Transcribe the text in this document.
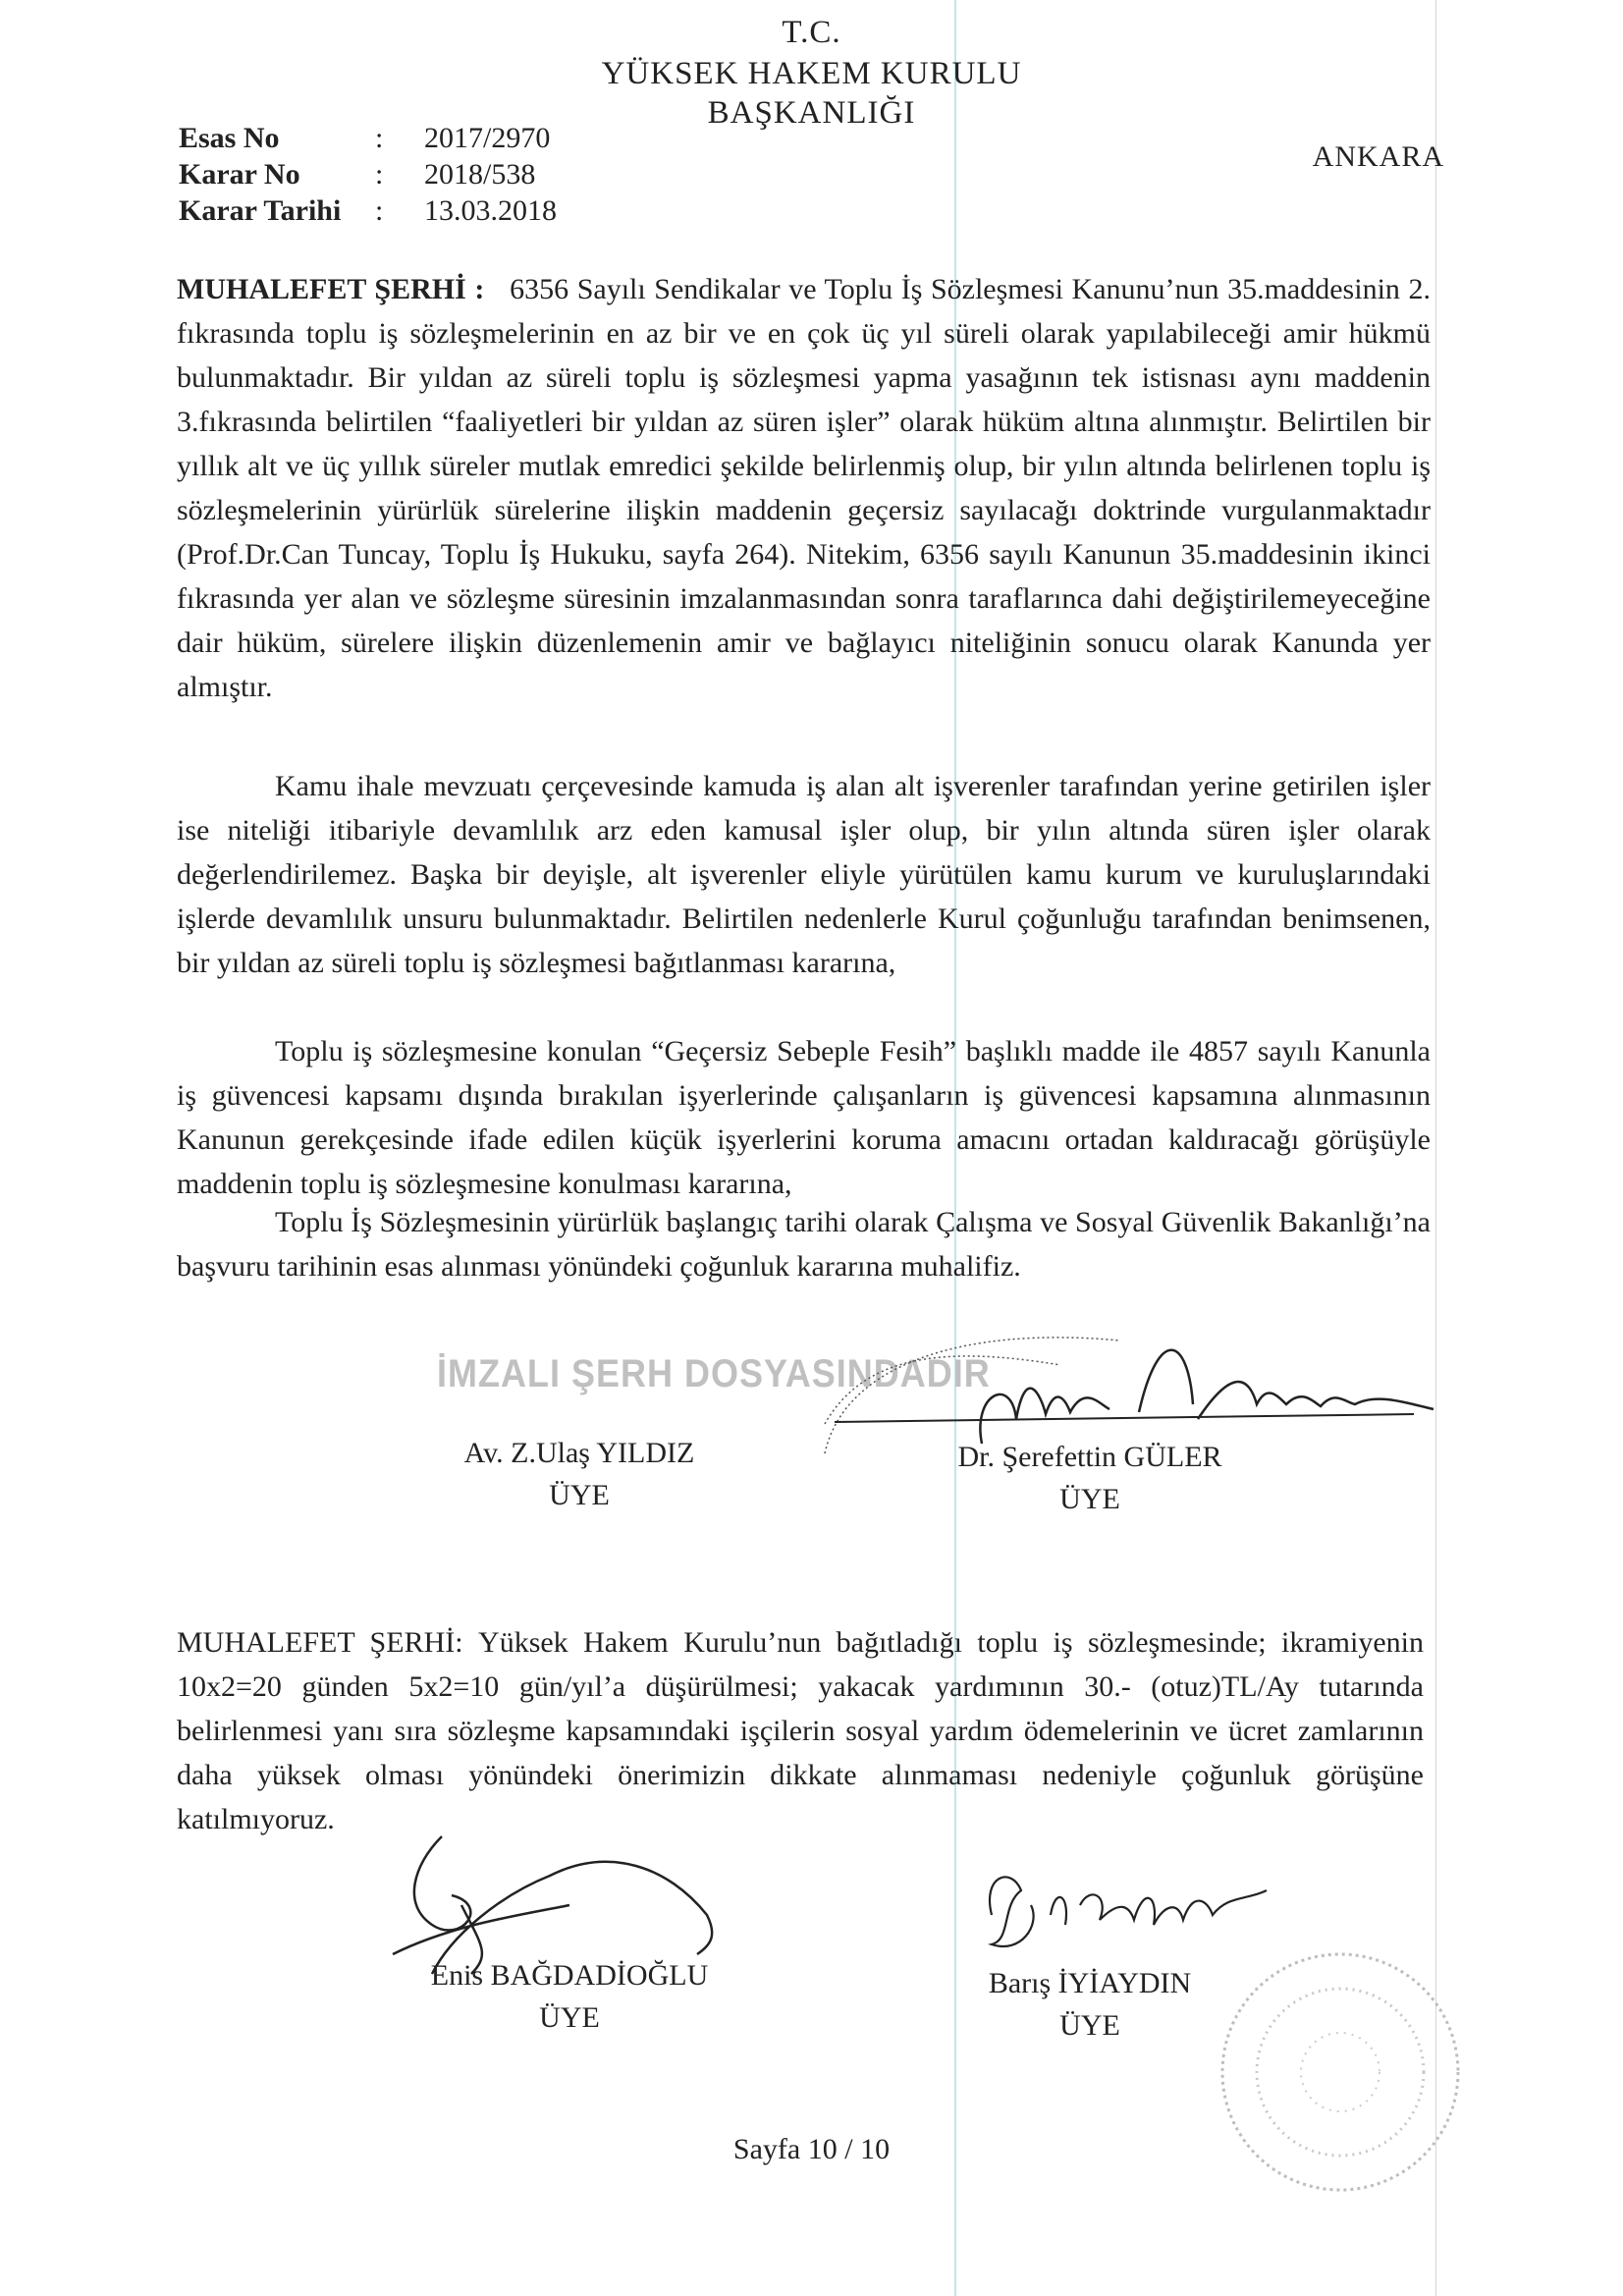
T.C.
YÜKSEK HAKEM KURULU
BAŞKANLIĞI
ANKARA
Esas No	:	2017/2970
Karar No	:	2018/538
Karar Tarihi	:	13.03.2018
MUHALEFET ŞERHİ : 6356 Sayılı Sendikalar ve Toplu İş Sözleşmesi Kanunu’nun 35.maddesinin 2. fıkrasında toplu iş sözleşmelerinin en az bir ve en çok üç yıl süreli olarak yapılabileceği amir hükmü bulunmaktadır. Bir yıldan az süreli toplu iş sözleşmesi yapma yasağının tek istisnası aynı maddenin 3.fıkrasında belirtilen “faaliyetleri bir yıldan az süren işler” olarak hüküm altına alınmıştır. Belirtilen bir yıllık alt ve üç yıllık süreler mutlak emredici şekilde belirlenmiş olup, bir yılın altında belirlenen toplu iş sözleşmelerinin yürürlük sürelerine ilişkin maddenin geçersiz sayılacağı doktrinde vurgulanmaktadır (Prof.Dr.Can Tuncay, Toplu İş Hukuku, sayfa 264). Nitekim, 6356 sayılı Kanunun 35.maddesinin ikinci fıkrasında yer alan ve sözleşme süresinin imzalanmasından sonra taraflarınca dahi değiştirilemeyeceğine dair hüküm, sürelere ilişkin düzenlemenin amir ve bağlayıcı niteliğinin sonucu olarak Kanunda yer almıştır.
Kamu ihale mevzuatı çerçevesinde kamuda iş alan alt işverenler tarafından yerine getirilen işler ise niteliği itibariyle devamlılık arz eden kamusal işler olup, bir yılın altında süren işler olarak değerlendirilemez. Başka bir deyişle, alt işverenler eliyle yürütülen kamu kurum ve kuruluşlarındaki işlerde devamlılık unsuru bulunmaktadır. Belirtilen nedenlerle Kurul çoğunluğu tarafından benimsenen, bir yıldan az süreli toplu iş sözleşmesi bağıtlanması kararına,
Toplu iş sözleşmesine konulan “Geçersiz Sebeple Fesih” başlıklı madde ile 4857 sayılı Kanunla iş güvencesi kapsamı dışında bırakılan işyerlerinde çalışanların iş güvencesi kapsamına alınmasının Kanunun gerekçesinde ifade edilen küçük işyerlerini koruma amacını ortadan kaldıracağı görüşüyle maddenin toplu iş sözleşmesine konulması kararına,
Toplu İş Sözleşmesinin yürürlük başlangıç tarihi olarak Çalışma ve Sosyal Güvenlik Bakanlığı’na başvuru tarihinin esas alınması yönündeki çoğunluk kararına muhalifiz.
İMZALI ŞERH DOSYASINDADIR
Av. Z.Ulaş YILDIZ
ÜYE
Dr. Şerefettin GÜLER
ÜYE
MUHALEFET ŞERHİ: Yüksek Hakem Kurulu’nun bağıtladığı toplu iş sözleşmesinde; ikramiyenin 10x2=20 günden 5x2=10 gün/yıl’a düşürülmesi; yakacak yardımının 30.- (otuz)TL/Ay tutarında belirlenmesi yanı sıra sözleşme kapsamındaki işçilerin sosyal yardım ödemelerinin ve ücret zamlarının daha yüksek olması yönündeki önerimizin dikkate alınmaması nedeniyle çoğunluk görüşüne katılmıyoruz.
Enis BAĞDADİOĞLU
ÜYE
Barış İYİAYDIN
ÜYE
Sayfa 10 / 10
